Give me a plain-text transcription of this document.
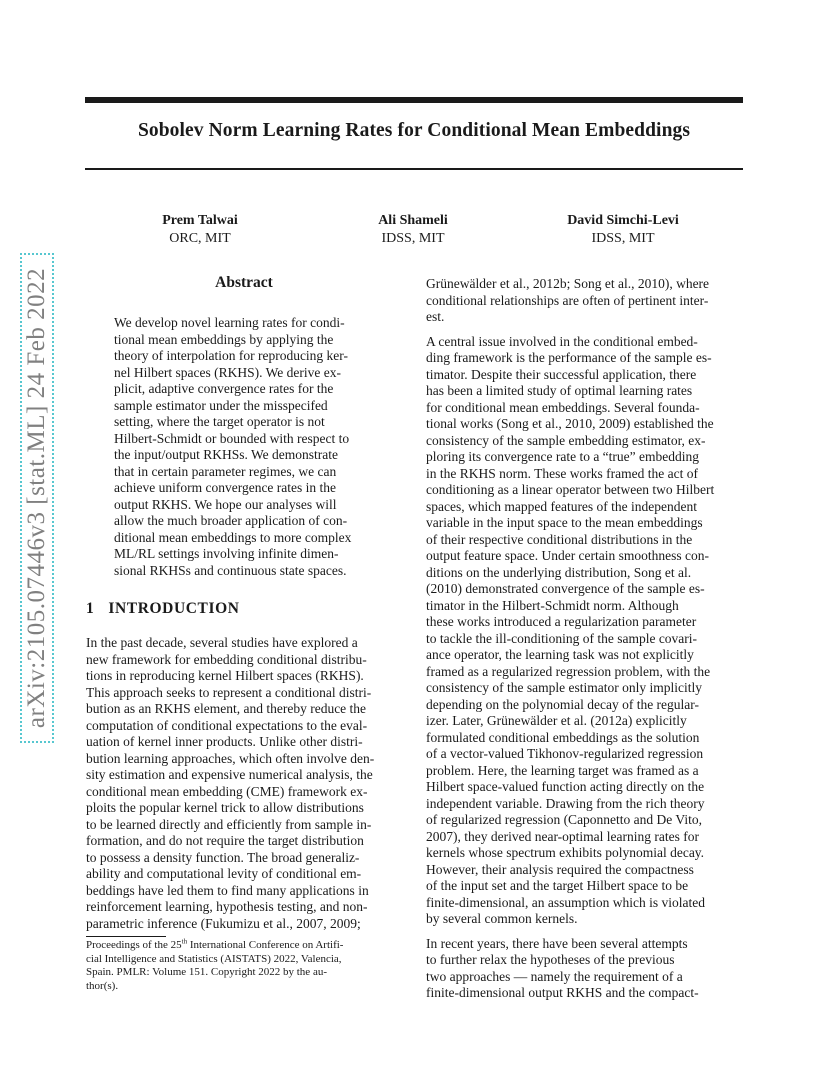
Sobolev Norm Learning Rates for Conditional Mean Embeddings
Prem Talwai
ORC, MIT
Ali Shameli
IDSS, MIT
David Simchi-Levi
IDSS, MIT
arXiv:2105.07446v3 [stat.ML] 24 Feb 2022	Abstract
We develop novel learning rates for condi-
tional mean embeddings by applying the
theory of interpolation for reproducing ker-
nel Hilbert spaces (RKHS). We derive ex-
plicit, adaptive convergence rates for the
sample estimator under the misspecifed
setting, where the target operator is not
Hilbert-Schmidt or bounded with respect to
the input/output RKHSs. We demonstrate
that in certain parameter regimes, we can
achieve uniform convergence rates in the
output RKHS. We hope our analyses will
allow the much broader application of con-
ditional mean embeddings to more complex
ML/RL settings involving infinite dimen-
sional RKHSs and continuous state spaces.
1 INTRODUCTION
In the past decade, several studies have explored a
new framework for embedding conditional distribu-
tions in reproducing kernel Hilbert spaces (RKHS).
This approach seeks to represent a conditional distri-
bution as an RKHS element, and thereby reduce the
computation of conditional expectations to the eval-
uation of kernel inner products. Unlike other distri-
bution learning approaches, which often involve den-
sity estimation and expensive numerical analysis, the
conditional mean embedding (CME) framework ex-
ploits the popular kernel trick to allow distributions
to be learned directly and efficiently from sample in-
formation, and do not require the target distribution
to possess a density function. The broad generaliz-
ability and computational levity of conditional em-
beddings have led them to find many applications in
reinforcement learning, hypothesis testing, and non-
parametric inference (Fukumizu et al., 2007, 2009;
Proceedings of the 25th International Conference on Artifi-
cial Intelligence and Statistics (AISTATS) 2022, Valencia,
Spain. PMLR: Volume 151. Copyright 2022 by the au-
thor(s).
Grünewälder et al., 2012b; Song et al., 2010), where
conditional relationships are often of pertinent inter-
est.
A central issue involved in the conditional embed-
ding framework is the performance of the sample es-
timator. Despite their successful application, there
has been a limited study of optimal learning rates
for conditional mean embeddings. Several founda-
tional works (Song et al., 2010, 2009) established the
consistency of the sample embedding estimator, ex-
ploring its convergence rate to a “true” embedding
in the RKHS norm. These works framed the act of
conditioning as a linear operator between two Hilbert
spaces, which mapped features of the independent
variable in the input space to the mean embeddings
of their respective conditional distributions in the
output feature space. Under certain smoothness con-
ditions on the underlying distribution, Song et al.
(2010) demonstrated convergence of the sample es-
timator in the Hilbert-Schmidt norm. Although
these works introduced a regularization parameter
to tackle the ill-conditioning of the sample covari-
ance operator, the learning task was not explicitly
framed as a regularized regression problem, with the
consistency of the sample estimator only implicitly
depending on the polynomial decay of the regular-
izer. Later, Grünewälder et al. (2012a) explicitly
formulated conditional embeddings as the solution
of a vector-valued Tikhonov-regularized regression
problem. Here, the learning target was framed as a
Hilbert space-valued function acting directly on the
independent variable. Drawing from the rich theory
of regularized regression (Caponnetto and De Vito,
2007), they derived near-optimal learning rates for
kernels whose spectrum exhibits polynomial decay.
However, their analysis required the compactness
of the input set and the target Hilbert space to be
finite-dimensional, an assumption which is violated
by several common kernels.
In recent years, there have been several attempts
to further relax the hypotheses of the previous
two approaches — namely the requirement of a
finite-dimensional output RKHS and the compact-
